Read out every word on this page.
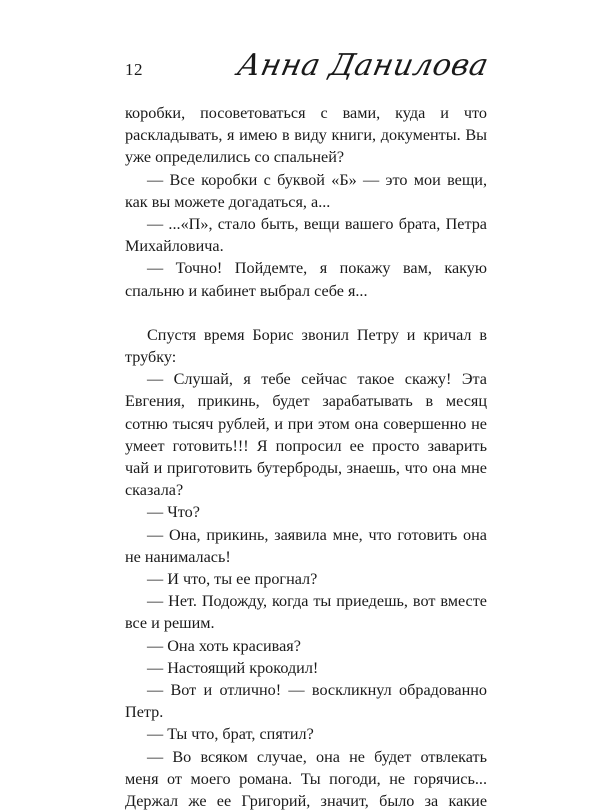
12	Анна Данилова

коробки, посоветоваться с вами, куда и что раскладывать, я имею в виду книги, документы. Вы уже определились со спальней?

— Все коробки с буквой «Б» — это мои вещи, как вы можете догадаться, а...

— ...«П», стало быть, вещи вашего брата, Петра Михайловича.

— Точно! Пойдемте, я покажу вам, какую спальню и кабинет выбрал себе я...

Спустя время Борис звонил Петру и кричал в трубку:

— Слушай, я тебе сейчас такое скажу! Эта Евгения, прикинь, будет зарабатывать в месяц сотню тысяч рублей, и при этом она совершенно не умеет готовить!!! Я попросил ее просто заварить чай и приготовить бутерброды, знаешь, что она мне сказала?

— Что?

— Она, прикинь, заявила мне, что готовить она не нанималась!

— И что, ты ее прогнал?

— Нет. Подожду, когда ты приедешь, вот вместе все и решим.

— Она хоть красивая?

— Настоящий крокодил!

— Вот и отлично! — воскликнул обрадованно Петр.

— Ты что, брат, спятил?

— Во всяком случае, она не будет отвлекать меня от моего романа. Ты погоди, не горячись... Держал же ее Григорий, значит, было за какие
